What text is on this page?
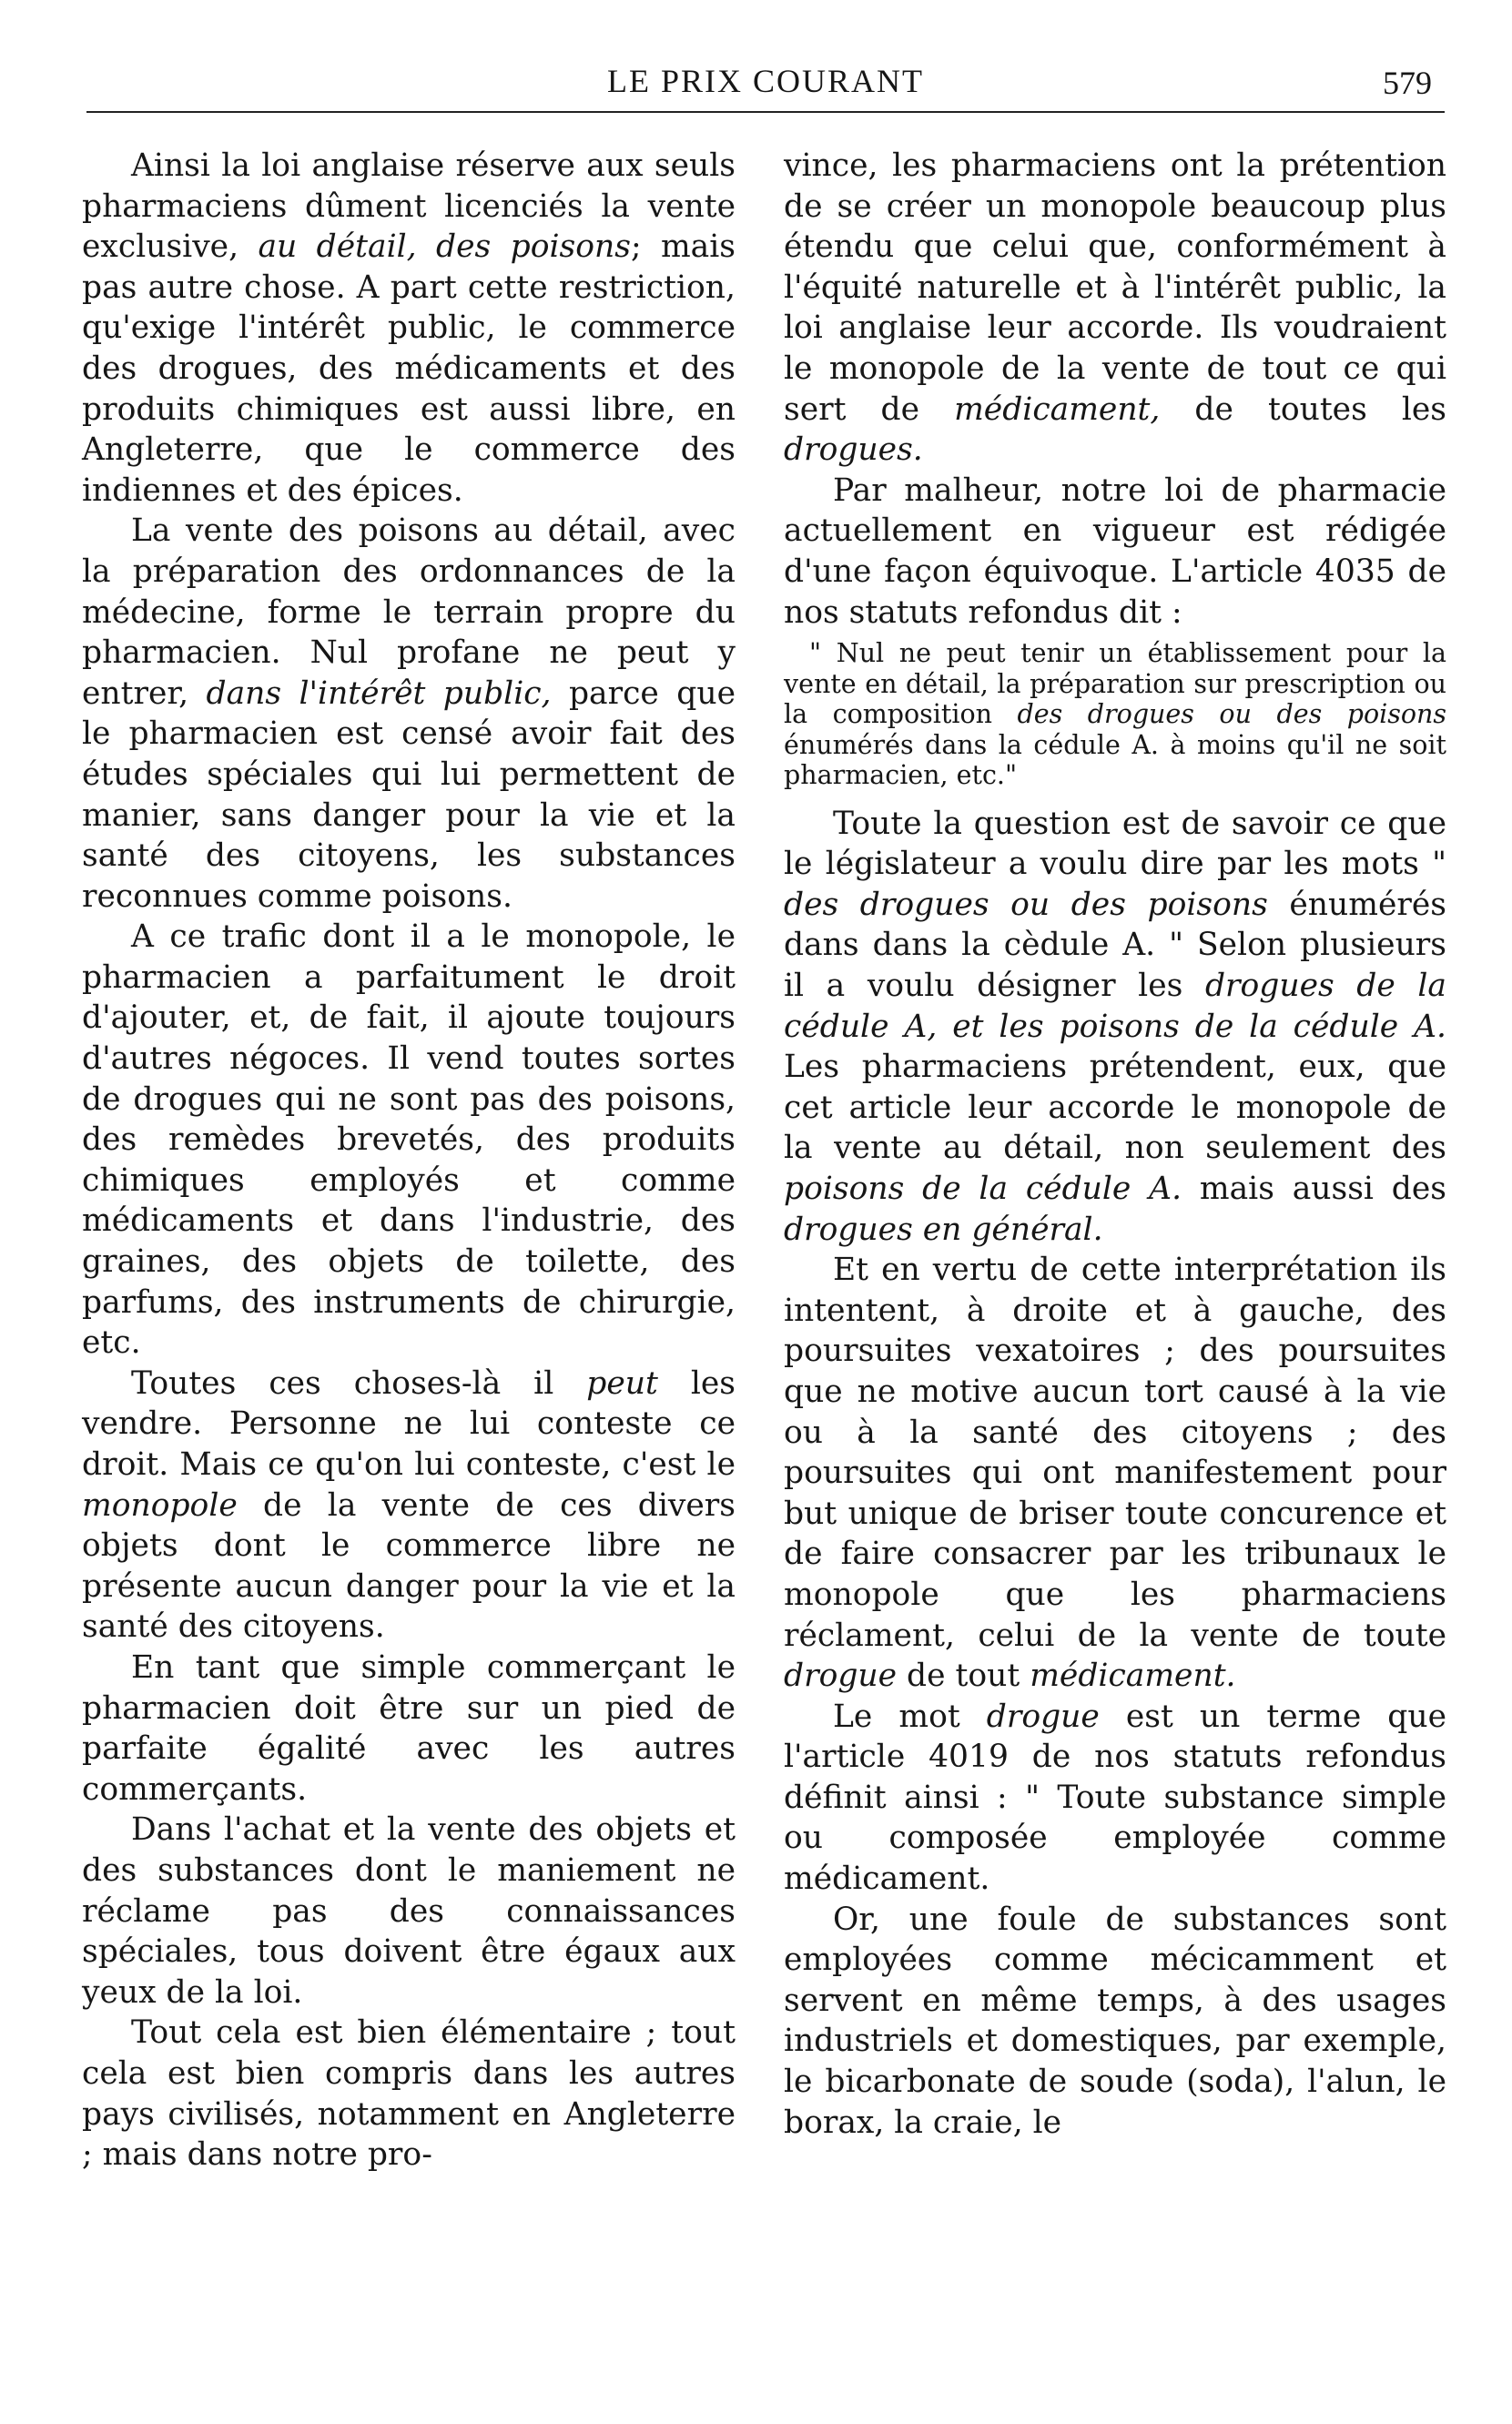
LE PRIX COURANT	579

Ainsi la loi anglaise réserve aux seuls pharmaciens dûment licenciés la vente exclusive, au détail, des poisons; mais pas autre chose. A part cette restriction, qu'exige l'intérêt public, le commerce des drogues, des médicaments et des produits chimiques est aussi libre, en Angleterre, que le commerce des indiennes et des épices.

La vente des poisons au détail, avec la préparation des ordonnances de la médecine, forme le terrain propre du pharmacien. Nul profane ne peut y entrer, dans l'intérêt public, parce que le pharmacien est censé avoir fait des études spéciales qui lui permettent de manier, sans danger pour la vie et la santé des citoyens, les substances reconnues comme poisons.

A ce trafic dont il a le monopole, le pharmacien a parfaitument le droit d'ajouter, et, de fait, il ajoute toujours d'autres négoces. Il vend toutes sortes de drogues qui ne sont pas des poisons, des remèdes brevetés, des produits chimiques employés et comme médicaments et dans l'industrie, des graines, des objets de toilette, des parfums, des instruments de chirurgie, etc.

Toutes ces choses-là il peut les vendre. Personne ne lui conteste ce droit. Mais ce qu'on lui conteste, c'est le monopole de la vente de ces divers objets dont le commerce libre ne présente aucun danger pour la vie et la santé des citoyens.

En tant que simple commerçant le pharmacien doit être sur un pied de parfaite égalité avec les autres commerçants.

Dans l'achat et la vente des objets et des substances dont le maniement ne réclame pas des connaissances spéciales, tous doivent être égaux aux yeux de la loi.

Tout cela est bien élémentaire ; tout cela est bien compris dans les autres pays civilisés, notamment en Angleterre ; mais dans notre pro-

vince, les pharmaciens ont la prétention de se créer un monopole beaucoup plus étendu que celui que, conformément à l'équité naturelle et à l'intérêt public, la loi anglaise leur accorde. Ils voudraient le monopole de la vente de tout ce qui sert de médicament, de toutes les drogues.

Par malheur, notre loi de pharmacie actuellement en vigueur est rédigée d'une façon équivoque. L'article 4035 de nos statuts refondus dit :

" Nul ne peut tenir un établissement pour la vente en détail, la préparation sur prescription ou la composition des drogues ou des poisons énumérés dans la cédule A. à moins qu'il ne soit pharmacien, etc."

Toute la question est de savoir ce que le législateur a voulu dire par les mots " des drogues ou des poisons énumérés dans dans la cèdule A. " Selon plusieurs il a voulu désigner les drogues de la cédule A, et les poisons de la cédule A. Les pharmaciens prétendent, eux, que cet article leur accorde le monopole de la vente au détail, non seulement des poisons de la cédule A. mais aussi des drogues en général.

Et en vertu de cette interprétation ils intentent, à droite et à gauche, des poursuites vexatoires ; des poursuites que ne motive aucun tort causé à la vie ou à la santé des citoyens ; des poursuites qui ont manifestement pour but unique de briser toute concurence et de faire consacrer par les tribunaux le monopole que les pharmaciens réclament, celui de la vente de toute drogue de tout médicament.

Le mot drogue est un terme que l'article 4019 de nos statuts refondus définit ainsi : " Toute substance simple ou composée employée comme médicament.

Or, une foule de substances sont employées comme mécicamment et servent en même temps, à des usages industriels et domestiques, par exemple, le bicarbonate de soude (soda), l'alun, le borax, la craie, le
